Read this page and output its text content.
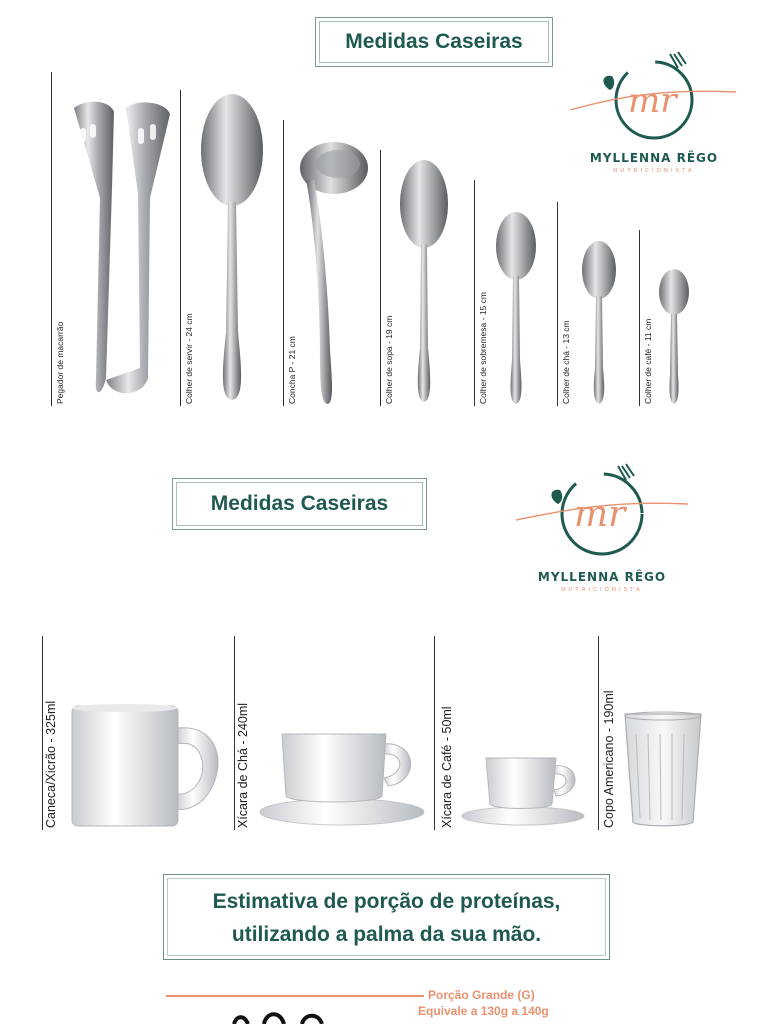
Medidas Caseiras
mr
MYLLENNA RÊGO
NUTRICIONISTA
Pegador de macarrão	Colher de servir - 24 cm	Concha P - 21 cm	Colher de sopa - 19 cm	Colher de sobremesa - 15 cm	Colher de chá - 13 cm	Colher de café - 11 cm
Medidas Caseiras	mr
MYLLENNA RÊGO
NUTRICIONISTA
Caneca/Xicrão - 325ml	Xícara de Chá - 240ml	Xícara de Café - 50ml	Copo Americano - 190ml
Estimativa de porção de proteínas,
utilizando a palma da sua mão.
Porção Grande (G)
Equivale a 130g a 140g
